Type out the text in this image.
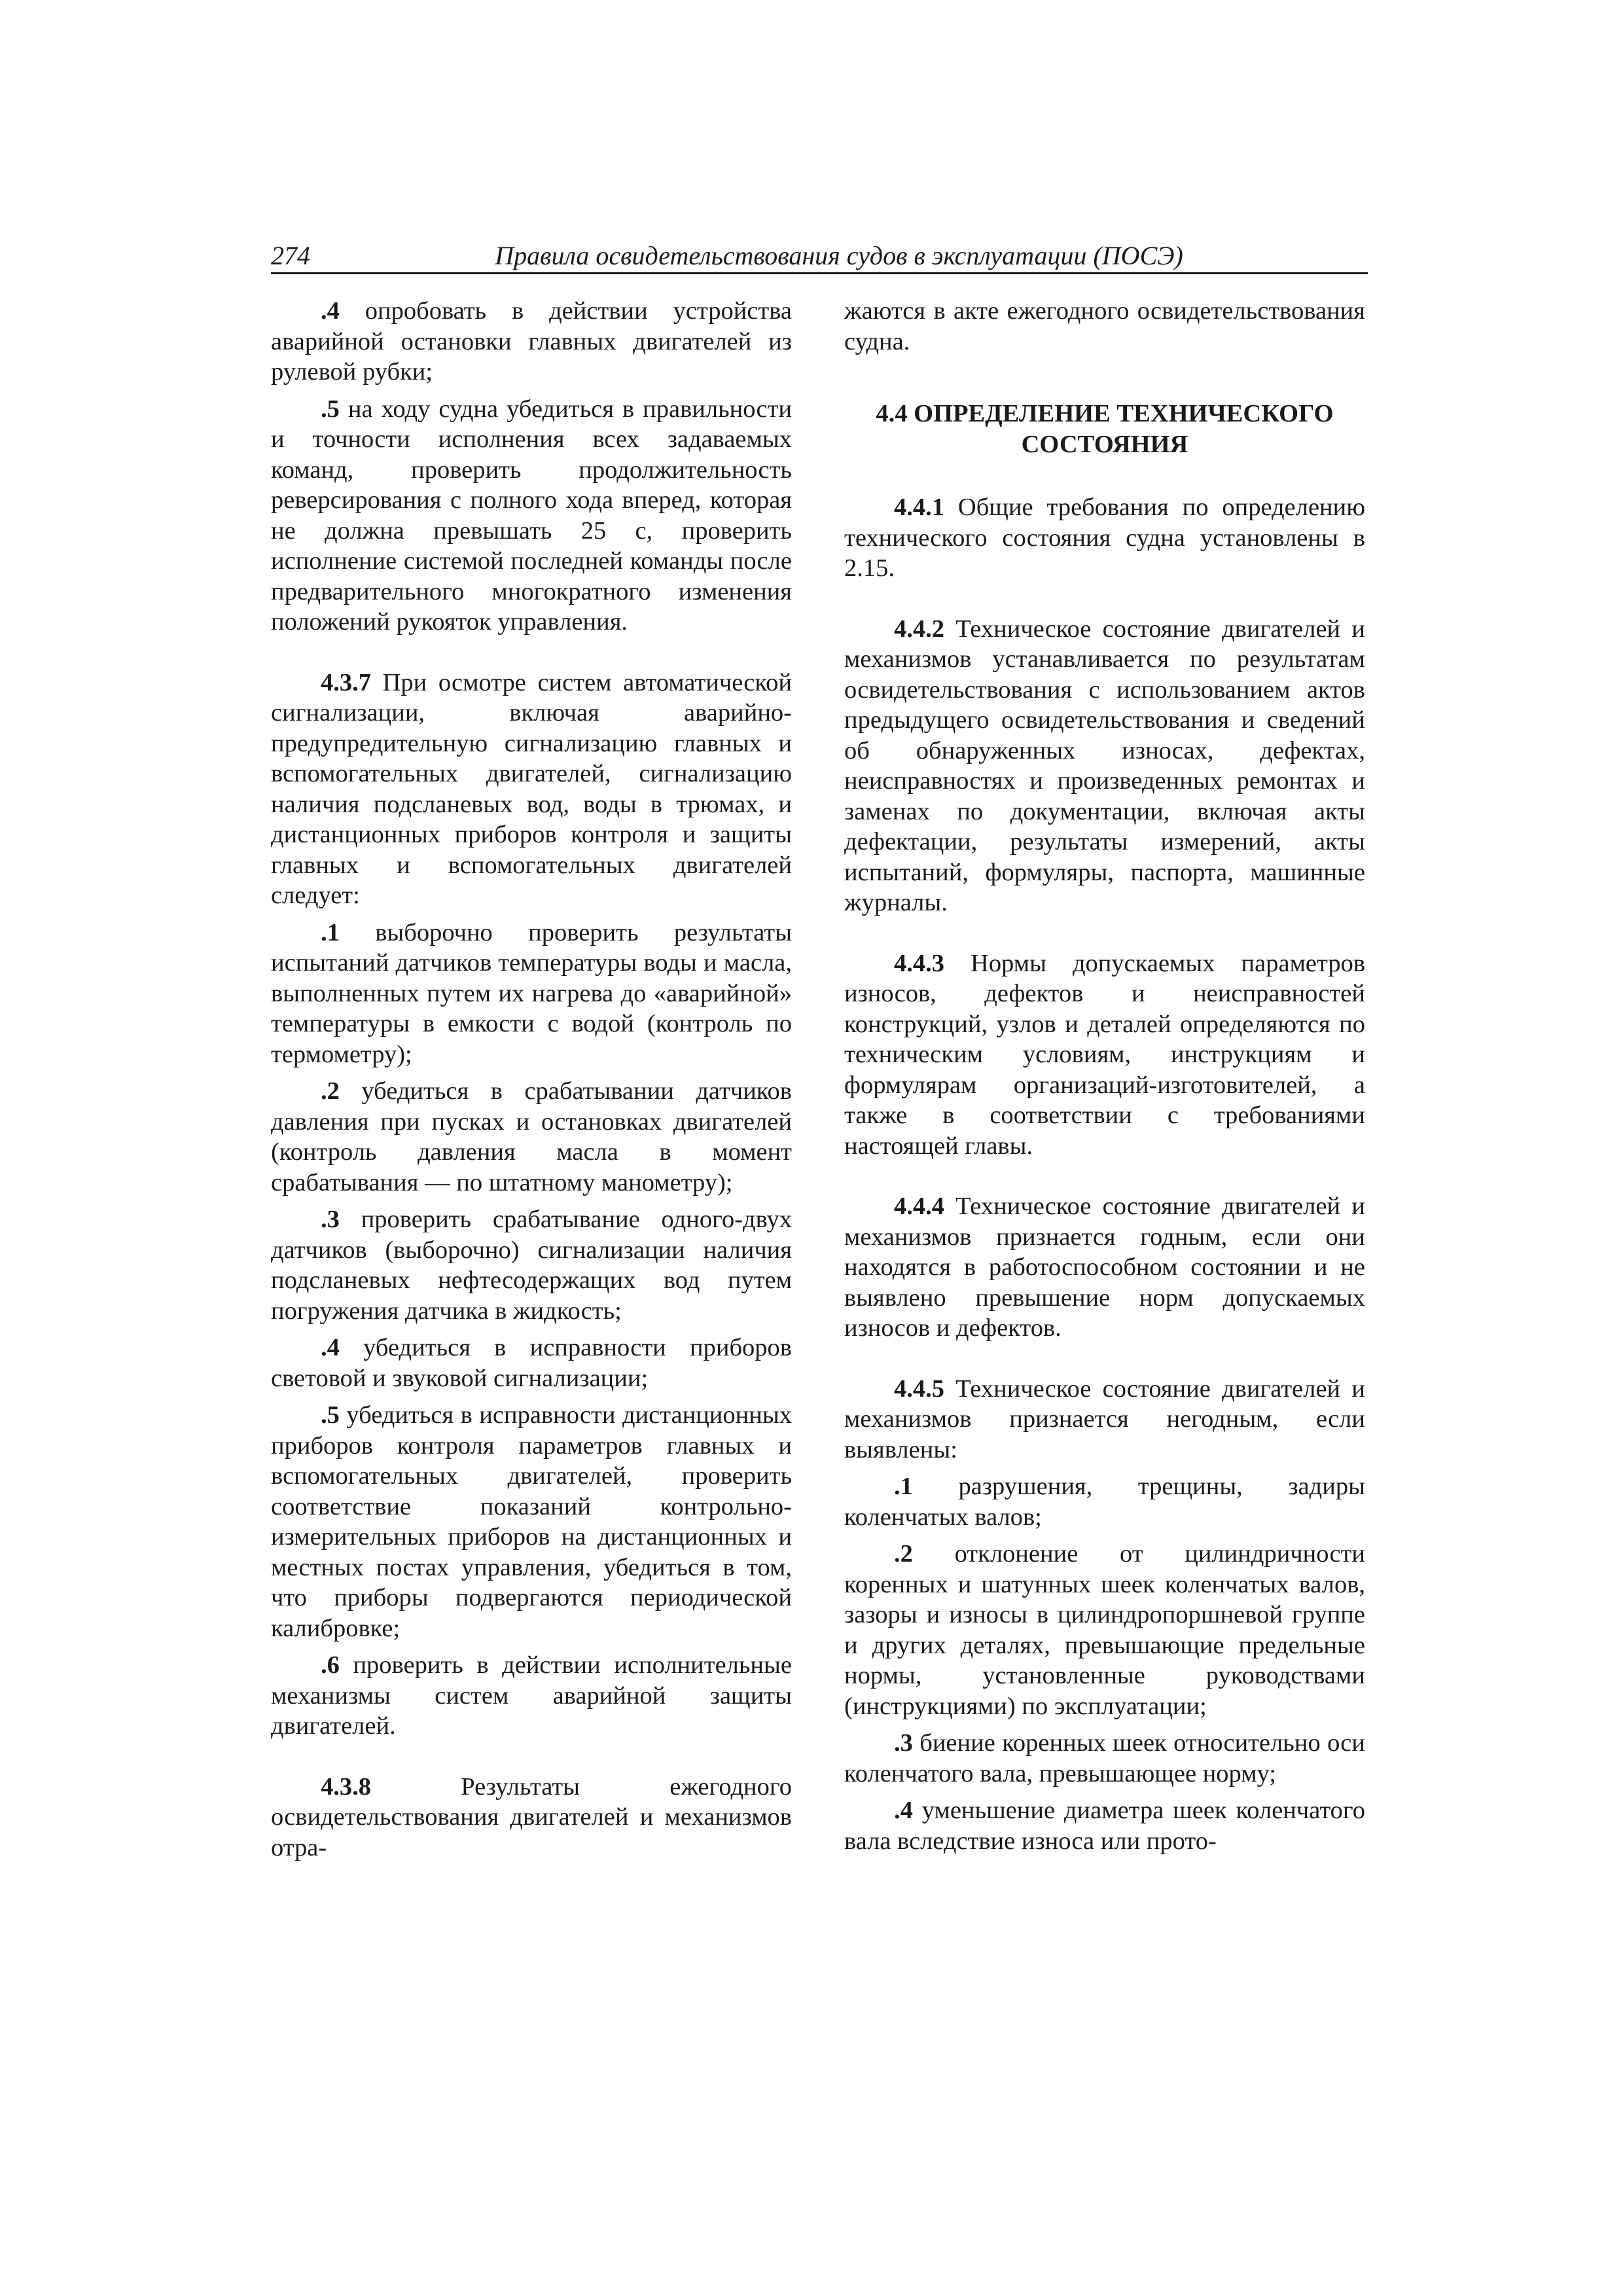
274	Правила освидетельствования судов в эксплуатации (ПОСЭ)

.4 опробовать в действии устройства аварийной остановки главных двигателей из рулевой рубки;

.5 на ходу судна убедиться в правильности и точности исполнения всех задаваемых команд, проверить продолжительность реверсирования с полного хода вперед, которая не должна превышать 25 с, проверить исполнение системой последней команды после предварительного многократного изменения положений рукояток управления.

4.3.7 При осмотре систем автоматической сигнализации, включая аварийно-предупредительную сигнализацию главных и вспомогательных двигателей, сигнализацию наличия подсланевых вод, воды в трюмах, и дистанционных приборов контроля и защиты главных и вспомогательных двигателей следует:

.1 выборочно проверить результаты испытаний датчиков температуры воды и масла, выполненных путем их нагрева до «аварийной» температуры в емкости с водой (контроль по термометру);

.2 убедиться в срабатывании датчиков давления при пусках и остановках двигателей (контроль давления масла в момент срабатывания — по штатному манометру);

.3 проверить срабатывание одного-двух датчиков (выборочно) сигнализации наличия подсланевых нефтесодержащих вод путем погружения датчика в жидкость;

.4 убедиться в исправности приборов световой и звуковой сигнализации;

.5 убедиться в исправности дистанционных приборов контроля параметров главных и вспомогательных двигателей, проверить соответствие показаний контрольно-измерительных приборов на дистанционных и местных постах управления, убедиться в том, что приборы подвергаются периодической калибровке;

.6 проверить в действии исполнительные механизмы систем аварийной защиты двигателей.

4.3.8 Результаты ежегодного освидетельствования двигателей и механизмов отра-

жаются в акте ежегодного освидетельствования судна.

4.4 ОПРЕДЕЛЕНИЕ ТЕХНИЧЕСКОГО СОСТОЯНИЯ

4.4.1 Общие требования по определению технического состояния судна установлены в 2.15.

4.4.2 Техническое состояние двигателей и механизмов устанавливается по результатам освидетельствования с использованием актов предыдущего освидетельствования и сведений об обнаруженных износах, дефектах, неисправностях и произведенных ремонтах и заменах по документации, включая акты дефектации, результаты измерений, акты испытаний, формуляры, паспорта, машинные журналы.

4.4.3 Нормы допускаемых параметров износов, дефектов и неисправностей конструкций, узлов и деталей определяются по техническим условиям, инструкциям и формулярам организаций-изготовителей, а также в соответствии с требованиями настоящей главы.

4.4.4 Техническое состояние двигателей и механизмов признается годным, если они находятся в работоспособном состоянии и не выявлено превышение норм допускаемых износов и дефектов.

4.4.5 Техническое состояние двигателей и механизмов признается негодным, если выявлены:

.1 разрушения, трещины, задиры коленчатых валов;

.2 отклонение от цилиндричности коренных и шатунных шеек коленчатых валов, зазоры и износы в цилиндропоршневой группе и других деталях, превышающие предельные нормы, установленные руководствами (инструкциями) по эксплуатации;

.3 биение коренных шеек относительно оси коленчатого вала, превышающее норму;

.4 уменьшение диаметра шеек коленчатого вала вследствие износа или прото-
